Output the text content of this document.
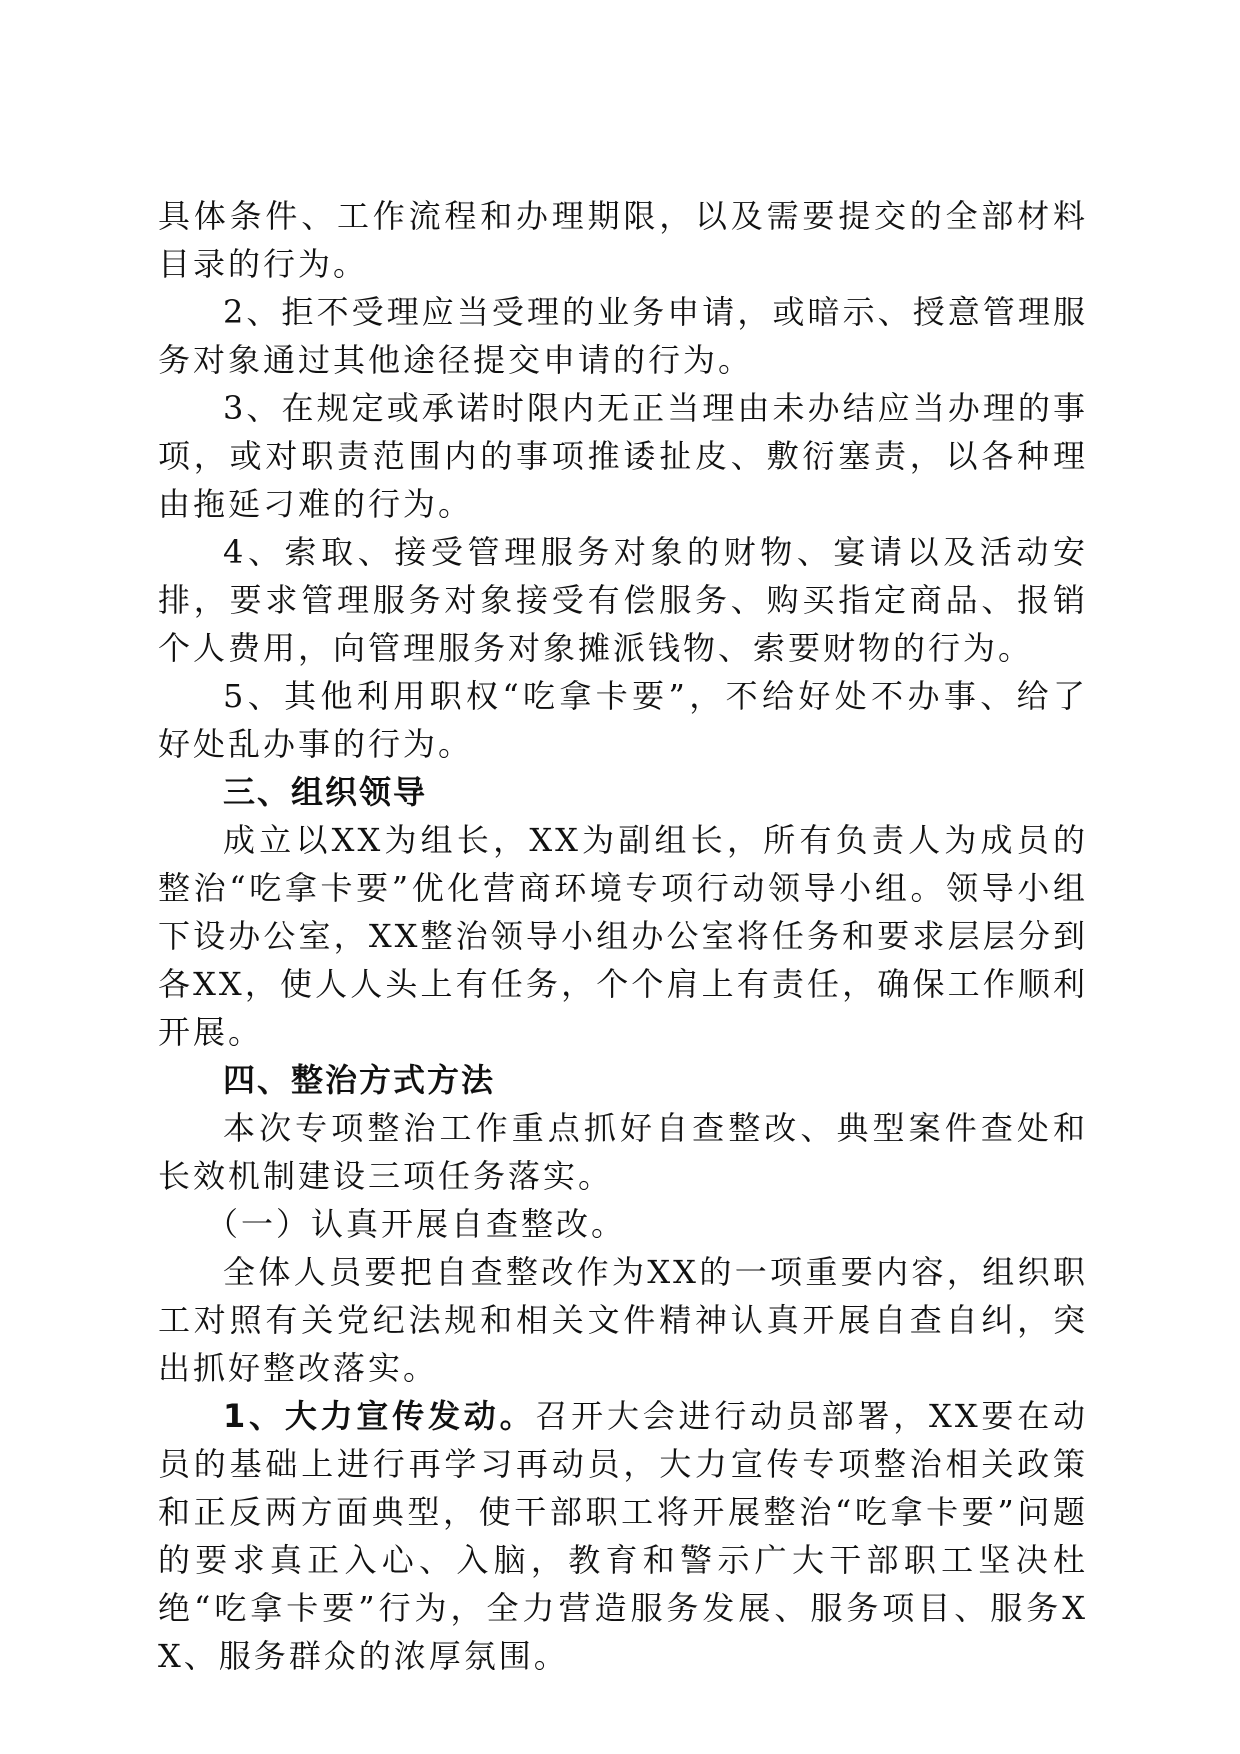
具体条件、工作流程和办理期限，以及需要提交的全部材料目录的行为。

2、拒不受理应当受理的业务申请，或暗示、授意管理服务对象通过其他途径提交申请的行为。

3、在规定或承诺时限内无正当理由未办结应当办理的事项，或对职责范围内的事项推诿扯皮、敷衍塞责，以各种理由拖延刁难的行为。

4、索取、接受管理服务对象的财物、宴请以及活动安排，要求管理服务对象接受有偿服务、购买指定商品、报销个人费用，向管理服务对象摊派钱物、索要财物的行为。

5、其他利用职权“吃拿卡要”，不给好处不办事、给了好处乱办事的行为。

三、组织领导

成立以XX为组长，XX为副组长，所有负责人为成员的整治“吃拿卡要”优化营商环境专项行动领导小组。领导小组下设办公室，XX整治领导小组办公室将任务和要求层层分到各XX，使人人头上有任务，个个肩上有责任，确保工作顺利开展。

四、整治方式方法

本次专项整治工作重点抓好自查整改、典型案件查处和长效机制建设三项任务落实。

（一）认真开展自查整改。

全体人员要把自查整改作为XX的一项重要内容，组织职工对照有关党纪法规和相关文件精神认真开展自查自纠，突出抓好整改落实。

1、大力宣传发动。召开大会进行动员部署，XX要在动员的基础上进行再学习再动员，大力宣传专项整治相关政策和正反两方面典型，使干部职工将开展整治“吃拿卡要”问题的要求真正入心、入脑，教育和警示广大干部职工坚决杜绝“吃拿卡要”行为，全力营造服务发展、服务项目、服务XX、服务群众的浓厚氛围。
